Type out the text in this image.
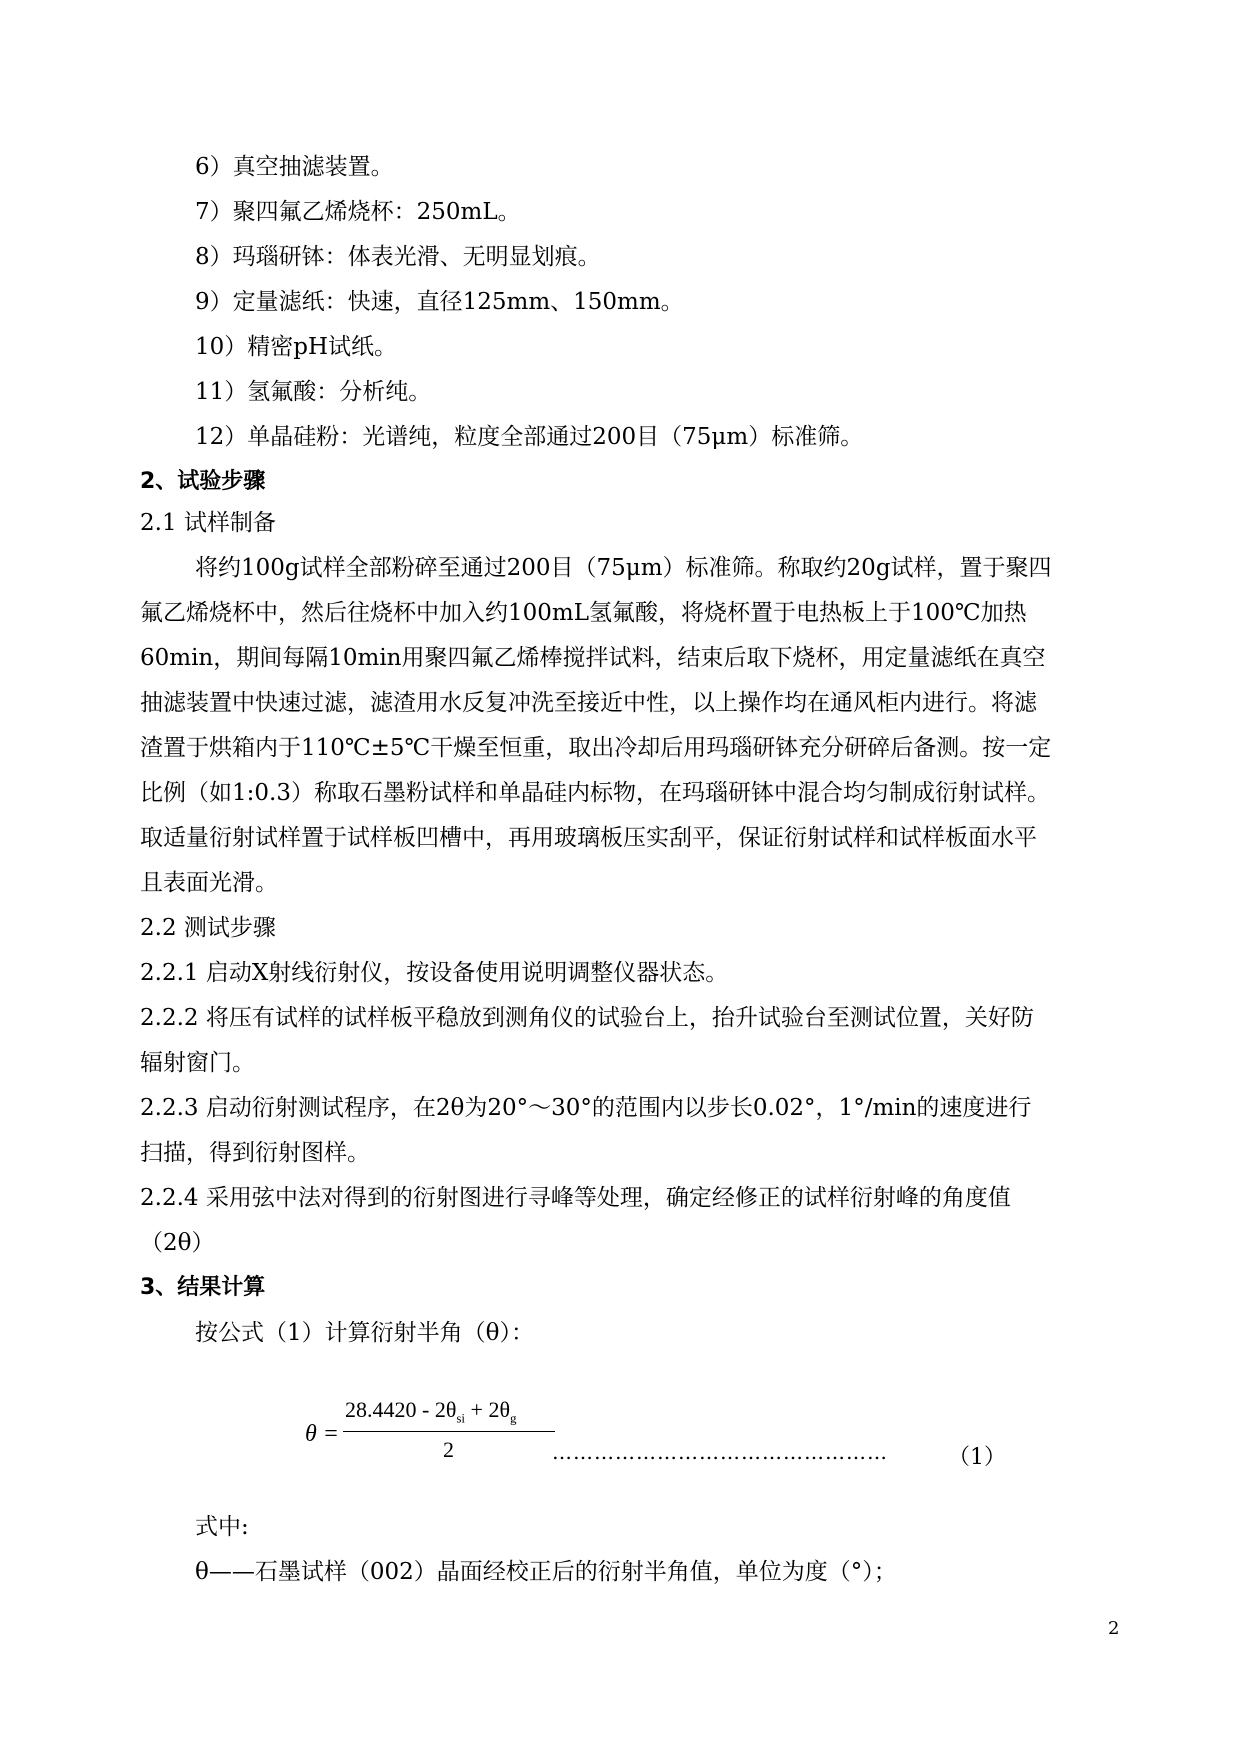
6）真空抽滤装置。
7）聚四氟乙烯烧杯：250mL。
8）玛瑙研钵：体表光滑、无明显划痕。
9）定量滤纸：快速，直径125mm、150mm。
10）精密pH试纸。
11）氢氟酸：分析纯。
12）单晶硅粉：光谱纯，粒度全部通过200目（75μm）标准筛。
2、试验步骤
2.1 试样制备
将约100g试样全部粉碎至通过200目（75μm）标准筛。称取约20g试样，置于聚四
氟乙烯烧杯中，然后往烧杯中加入约100mL氢氟酸，将烧杯置于电热板上于100℃加热
60min，期间每隔10min用聚四氟乙烯棒搅拌试料，结束后取下烧杯，用定量滤纸在真空
抽滤装置中快速过滤，滤渣用水反复冲洗至接近中性，以上操作均在通风柜内进行。将滤
渣置于烘箱内于110℃±5℃干燥至恒重，取出冷却后用玛瑙研钵充分研碎后备测。按一定
比例（如1:0.3）称取石墨粉试样和单晶硅内标物，在玛瑙研钵中混合均匀制成衍射试样。
取适量衍射试样置于试样板凹槽中，再用玻璃板压实刮平，保证衍射试样和试样板面水平
且表面光滑。
2.2 测试步骤
2.2.1 启动X射线衍射仪，按设备使用说明调整仪器状态。
2.2.2 将压有试样的试样板平稳放到测角仪的试验台上，抬升试验台至测试位置，关好防
辐射窗门。
2.2.3 启动衍射测试程序，在2θ为20°～30°的范围内以步长0.02°，1°/min的速度进行
扫描，得到衍射图样。
2.2.4 采用弦中法对得到的衍射图进行寻峰等处理，确定经修正的试样衍射峰的角度值
（2θ）
3、结果计算
按公式（1）计算衍射半角（θ）：
θ =
$28.4420 - 2\theta_{si} + 2\theta_g$
2	…………………………………………	（1）
式中:
θ——石墨试样（002）晶面经校正后的衍射半角值，单位为度（°）；
2
